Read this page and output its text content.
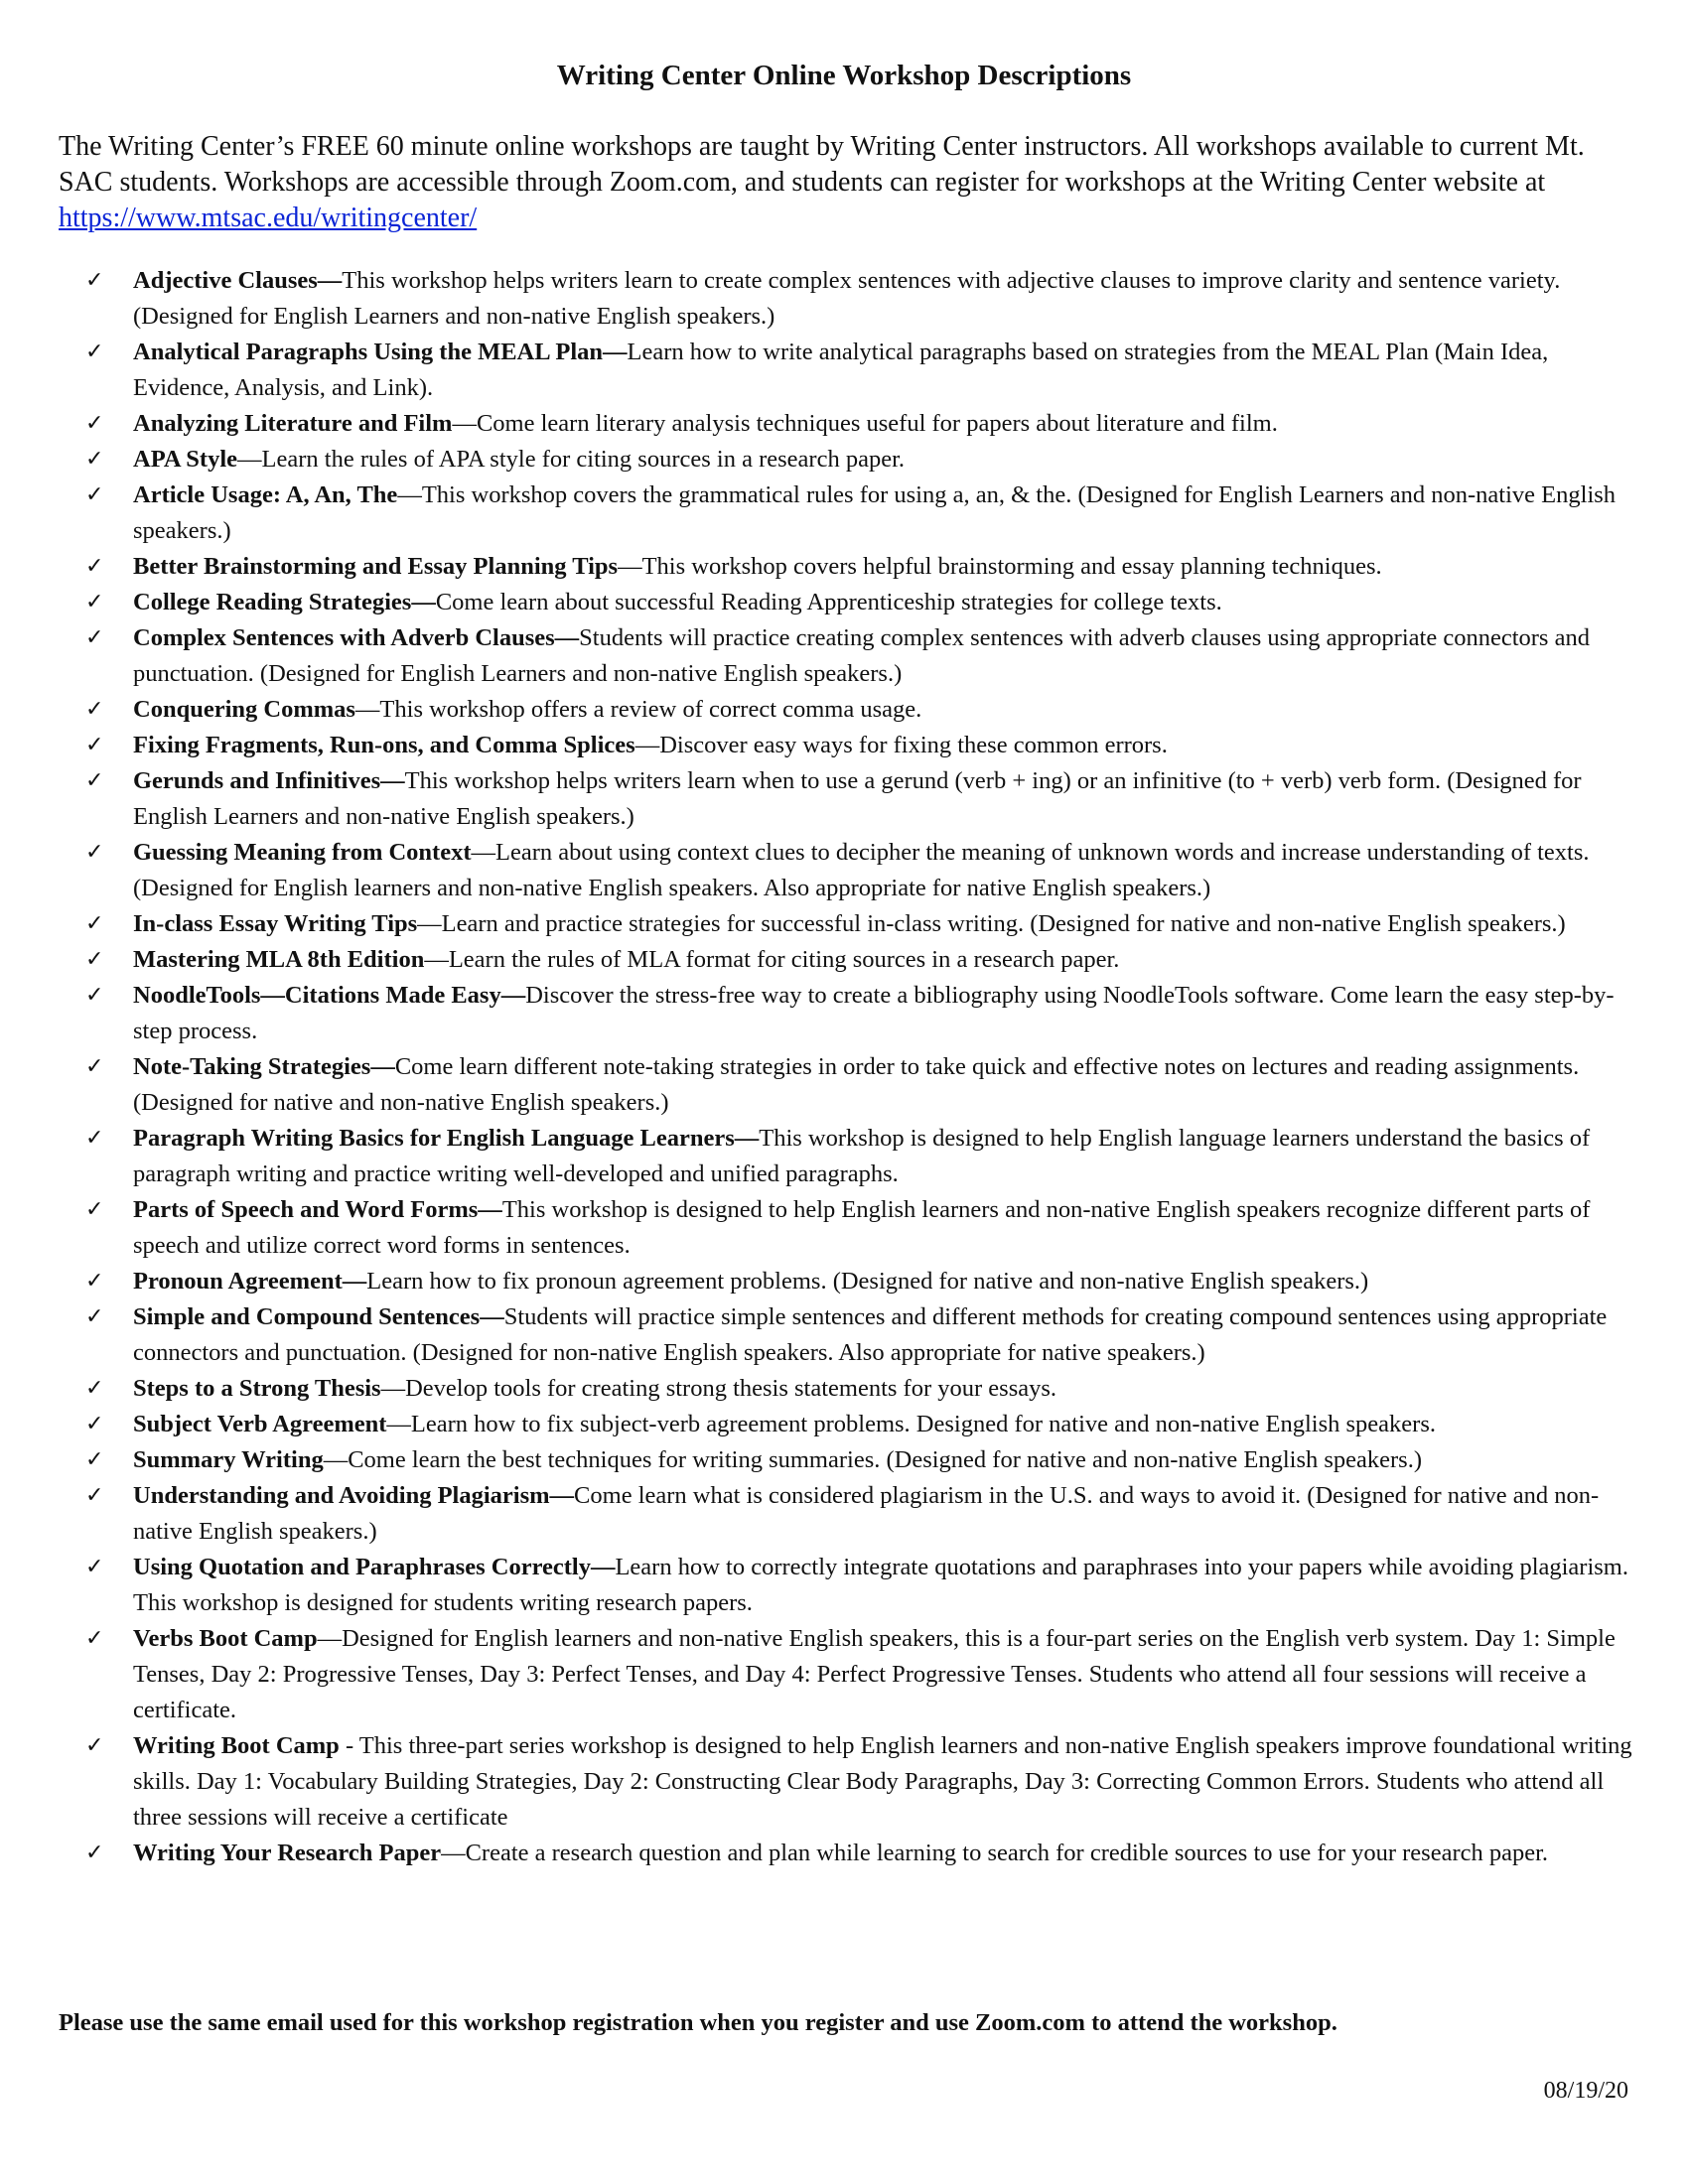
Writing Center Online Workshop Descriptions
The Writing Center’s FREE 60 minute online workshops are taught by Writing Center instructors. All workshops available to current Mt. SAC students. Workshops are accessible through Zoom.com, and students can register for workshops at the Writing Center website at https://www.mtsac.edu/writingcenter/
✓ Adjective Clauses—This workshop helps writers learn to create complex sentences with adjective clauses to improve clarity and sentence variety. (Designed for English Learners and non-native English speakers.)
✓ Analytical Paragraphs Using the MEAL Plan—Learn how to write analytical paragraphs based on strategies from the MEAL Plan (Main Idea, Evidence, Analysis, and Link).
✓ Analyzing Literature and Film—Come learn literary analysis techniques useful for papers about literature and film.
✓ APA Style—Learn the rules of APA style for citing sources in a research paper.
✓ Article Usage: A, An, The—This workshop covers the grammatical rules for using a, an, & the. (Designed for English Learners and non-native English speakers.)
✓ Better Brainstorming and Essay Planning Tips—This workshop covers helpful brainstorming and essay planning techniques.
✓ College Reading Strategies—Come learn about successful Reading Apprenticeship strategies for college texts.
✓ Complex Sentences with Adverb Clauses—Students will practice creating complex sentences with adverb clauses using appropriate connectors and punctuation. (Designed for English Learners and non-native English speakers.)
✓ Conquering Commas—This workshop offers a review of correct comma usage.
✓ Fixing Fragments, Run-ons, and Comma Splices—Discover easy ways for fixing these common errors.
✓ Gerunds and Infinitives—This workshop helps writers learn when to use a gerund (verb + ing) or an infinitive (to + verb) verb form. (Designed for English Learners and non-native English speakers.)
✓ Guessing Meaning from Context—Learn about using context clues to decipher the meaning of unknown words and increase understanding of texts. (Designed for English learners and non-native English speakers. Also appropriate for native English speakers.)
✓ In-class Essay Writing Tips—Learn and practice strategies for successful in-class writing. (Designed for native and non-native English speakers.)
✓ Mastering MLA 8th Edition—Learn the rules of MLA format for citing sources in a research paper.
✓ NoodleTools—Citations Made Easy—Discover the stress-free way to create a bibliography using NoodleTools software. Come learn the easy step-by-step process.
✓ Note-Taking Strategies—Come learn different note-taking strategies in order to take quick and effective notes on lectures and reading assignments. (Designed for native and non-native English speakers.)
✓ Paragraph Writing Basics for English Language Learners—This workshop is designed to help English language learners understand the basics of paragraph writing and practice writing well-developed and unified paragraphs.
✓ Parts of Speech and Word Forms—This workshop is designed to help English learners and non-native English speakers recognize different parts of speech and utilize correct word forms in sentences.
✓ Pronoun Agreement—Learn how to fix pronoun agreement problems. (Designed for native and non-native English speakers.)
✓ Simple and Compound Sentences—Students will practice simple sentences and different methods for creating compound sentences using appropriate connectors and punctuation. (Designed for non-native English speakers. Also appropriate for native speakers.)
✓ Steps to a Strong Thesis—Develop tools for creating strong thesis statements for your essays.
✓ Subject Verb Agreement—Learn how to fix subject-verb agreement problems. Designed for native and non-native English speakers.
✓ Summary Writing—Come learn the best techniques for writing summaries. (Designed for native and non-native English speakers.)
✓ Understanding and Avoiding Plagiarism—Come learn what is considered plagiarism in the U.S. and ways to avoid it. (Designed for native and non-native English speakers.)
✓ Using Quotation and Paraphrases Correctly—Learn how to correctly integrate quotations and paraphrases into your papers while avoiding plagiarism. This workshop is designed for students writing research papers.
✓ Verbs Boot Camp—Designed for English learners and non-native English speakers, this is a four-part series on the English verb system. Day 1: Simple Tenses, Day 2: Progressive Tenses, Day 3: Perfect Tenses, and Day 4: Perfect Progressive Tenses. Students who attend all four sessions will receive a certificate.
✓ Writing Boot Camp - This three-part series workshop is designed to help English learners and non-native English speakers improve foundational writing skills. Day 1: Vocabulary Building Strategies, Day 2: Constructing Clear Body Paragraphs, Day 3: Correcting Common Errors. Students who attend all three sessions will receive a certificate
✓ Writing Your Research Paper—Create a research question and plan while learning to search for credible sources to use for your research paper.
Please use the same email used for this workshop registration when you register and use Zoom.com to attend the workshop.
08/19/20
